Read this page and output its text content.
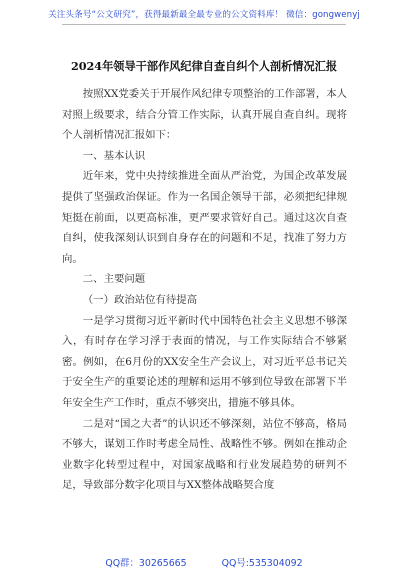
关注头条号“公文研究”，获得最新最全最专业的公文资料库！ 微信：gongwenyj
2024年领导干部作风纪律自查自纠个人剖析情况汇报

按照XX党委关于开展作风纪律专项整治的工作部署，本人对照上级要求，结合分管工作实际，认真开展自查自纠。现将个人剖析情况汇报如下：

一、基本认识

近年来，党中央持续推进全面从严治党，为国企改革发展提供了坚强政治保证。作为一名国企领导干部，必须把纪律规矩挺在前面，以更高标准，更严要求管好自己。通过这次自查自纠，使我深刻认识到自身存在的问题和不足，找准了努力方向。

二、主要问题

（一）政治站位有待提高

一是学习贯彻习近平新时代中国特色社会主义思想不够深入，有时存在学习浮于表面的情况，与工作实际结合不够紧密。例如，在6月份的XX安全生产会议上，对习近平总书记关于安全生产的重要论述的理解和运用不够到位导致在部署下半年安全生产工作时，重点不够突出，措施不够具体。

二是对“国之大者”的认识还不够深刻，站位不够高，格局不够大，谋划工作时考虑全局性、战略性不够。例如在推动企业数字化转型过程中，对国家战略和行业发展趋势的研判不足，导致部分数字化项目与XX整体战略契合度

QQ群：30265665	QQ号:535304092
